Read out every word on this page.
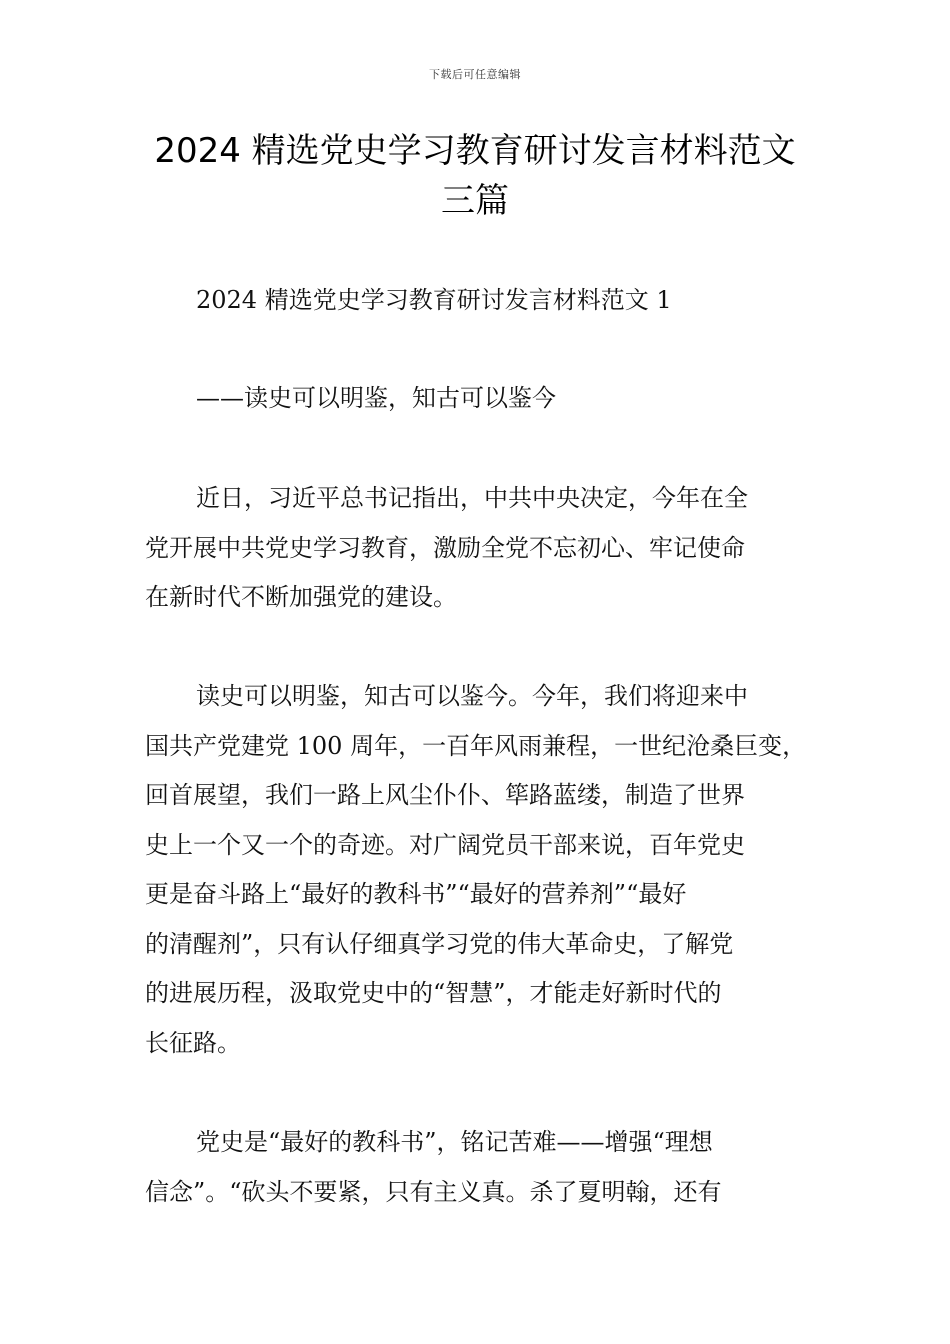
下载后可任意编辑
2024 精选党史学习教育研讨发言材料范文
三篇
2024 精选党史学习教育研讨发言材料范文 1
——读史可以明鉴，知古可以鉴今
近日，习近平总书记指出，中共中央决定，今年在全
党开展中共党史学习教育，激励全党不忘初心、牢记使命
在新时代不断加强党的建设。
读史可以明鉴，知古可以鉴今。今年，我们将迎来中
国共产党建党 100 周年，一百年风雨兼程，一世纪沧桑巨变，
回首展望，我们一路上风尘仆仆、筚路蓝缕，制造了世界
史上一个又一个的奇迹。对广阔党员干部来说，百年党史
更是奋斗路上“最好的教科书”“最好的营养剂”“最好
的清醒剂”，只有认仔细真学习党的伟大革命史，了解党
的进展历程，汲取党史中的“智慧”，才能走好新时代的
长征路。
党史是“最好的教科书”，铭记苦难——增强“理想
信念”。“砍头不要紧，只有主义真。杀了夏明翰，还有
